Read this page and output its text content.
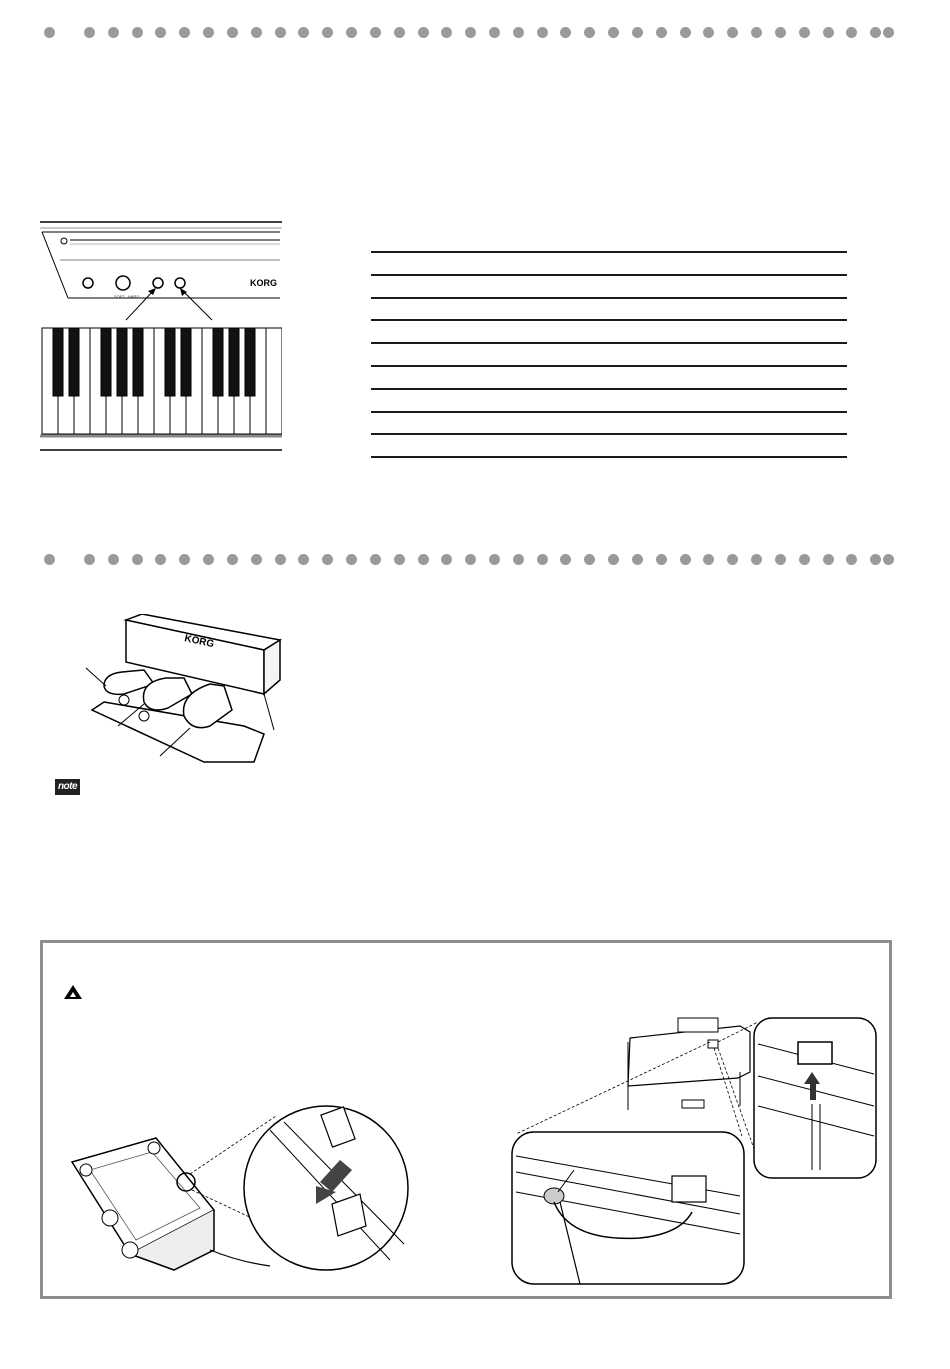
SOFT HARD
KORG
KORG
note
